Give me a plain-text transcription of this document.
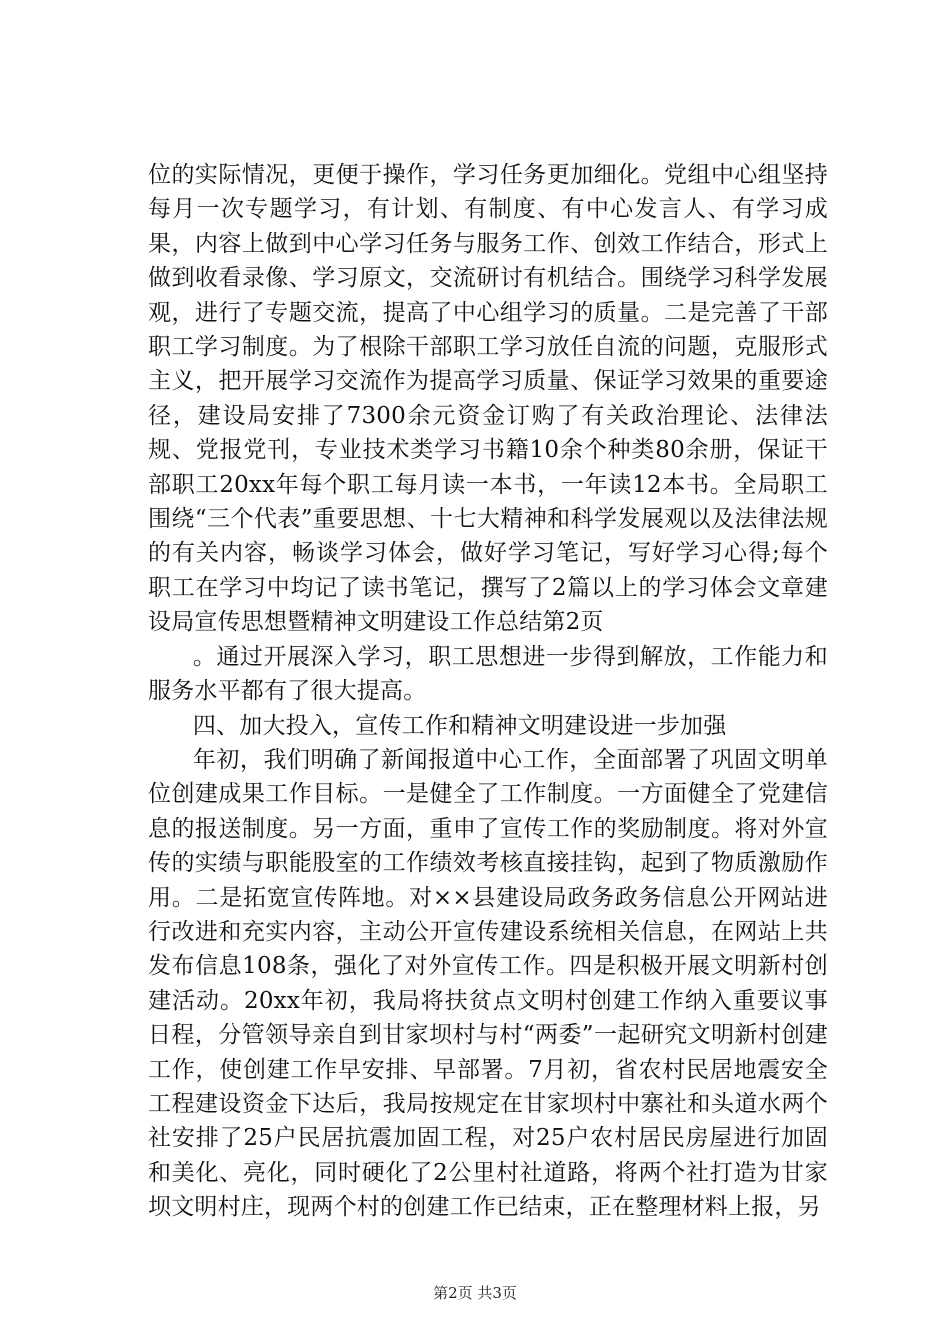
位的实际情况，更便于操作，学习任务更加细化。党组中心组坚持每月一次专题学习，有计划、有制度、有中心发言人、有学习成果，内容上做到中心学习任务与服务工作、创效工作结合，形式上做到收看录像、学习原文，交流研讨有机结合。围绕学习科学发展观，进行了专题交流，提高了中心组学习的质量。二是完善了干部职工学习制度。为了根除干部职工学习放任自流的问题，克服形式主义，把开展学习交流作为提高学习质量、保证学习效果的重要途径，建设局安排了7300余元资金订购了有关政治理论、法律法规、党报党刊，专业技术类学习书籍10余个种类80余册，保证干部职工20xx年每个职工每月读一本书，一年读12本书。全局职工围绕“三个代表”重要思想、十七大精神和科学发展观以及法律法规的有关内容，畅谈学习体会，做好学习笔记，写好学习心得;每个职工在学习中均记了读书笔记，撰写了2篇以上的学习体会文章建设局宣传思想暨精神文明建设工作总结第2页

。通过开展深入学习，职工思想进一步得到解放，工作能力和服务水平都有了很大提高。

四、加大投入，宣传工作和精神文明建设进一步加强

年初，我们明确了新闻报道中心工作，全面部署了巩固文明单位创建成果工作目标。一是健全了工作制度。一方面健全了党建信息的报送制度。另一方面，重申了宣传工作的奖励制度。将对外宣传的实绩与职能股室的工作绩效考核直接挂钩，起到了物质激励作用。二是拓宽宣传阵地。对××县建设局政务政务信息公开网站进行改进和充实内容，主动公开宣传建设系统相关信息，在网站上共发布信息108条，强化了对外宣传工作。四是积极开展文明新村创建活动。20xx年初，我局将扶贫点文明村创建工作纳入重要议事日程，分管领导亲自到甘家坝村与村“两委”一起研究文明新村创建工作，使创建工作早安排、早部署。7月初，省农村民居地震安全工程建设资金下达后，我局按规定在甘家坝村中寨社和头道水两个社安排了25户民居抗震加固工程，对25户农村居民房屋进行加固和美化、亮化，同时硬化了2公里村社道路，将两个社打造为甘家坝文明村庄，现两个村的创建工作已结束，正在整理材料上报，另

第2页 共3页
